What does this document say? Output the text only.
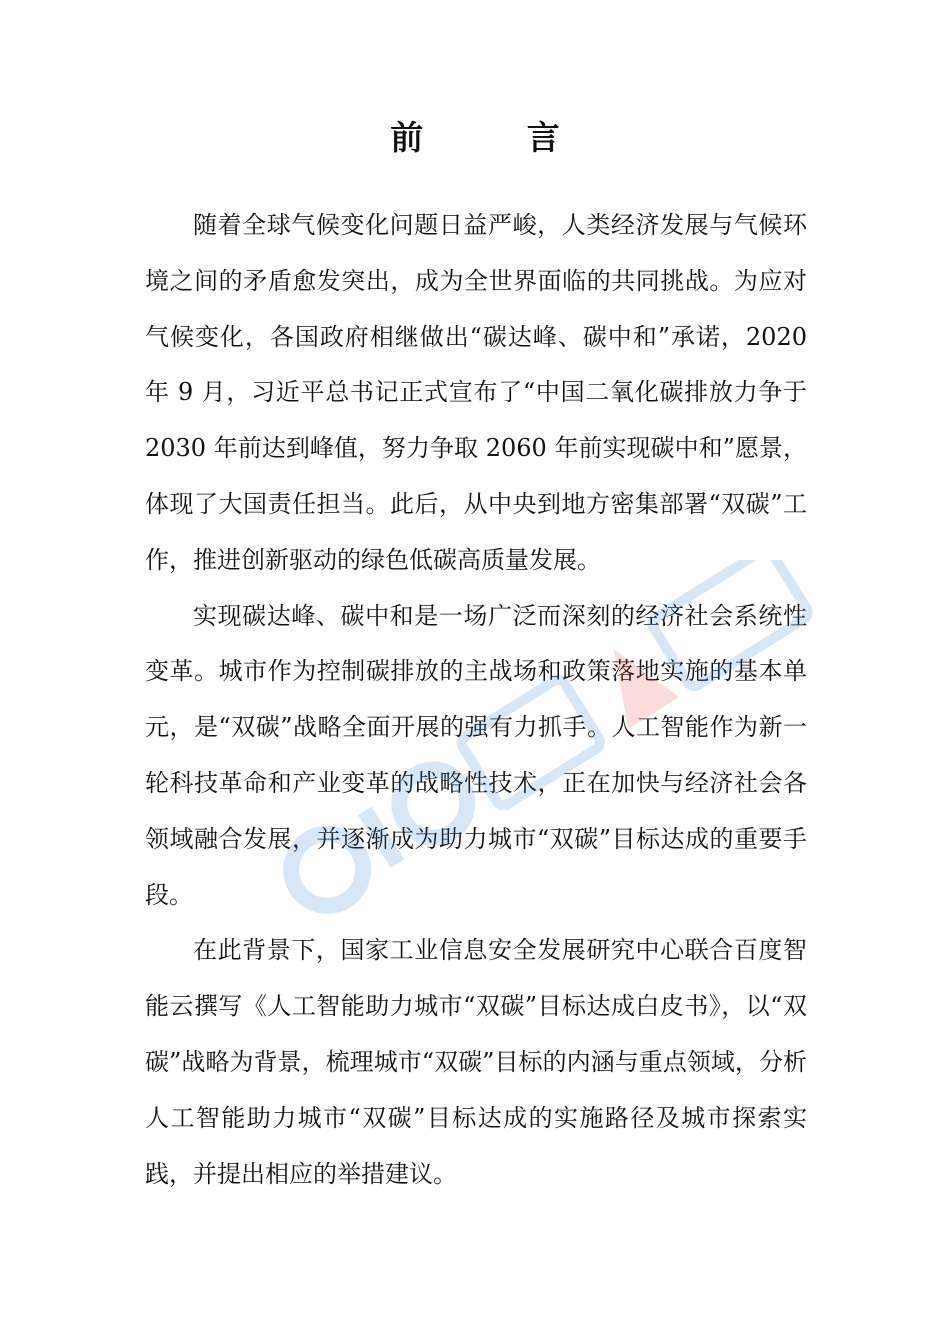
前 言

随着全球气候变化问题日益严峻，人类经济发展与气候环境之间的矛盾愈发突出，成为全世界面临的共同挑战。为应对气候变化，各国政府相继做出“碳达峰、碳中和”承诺，2020 年 9 月，习近平总书记正式宣布了“中国二氧化碳排放力争于 2030 年前达到峰值，努力争取 2060 年前实现碳中和”愿景，体现了大国责任担当。此后，从中央到地方密集部署“双碳”工作，推进创新驱动的绿色低碳高质量发展。

实现碳达峰、碳中和是一场广泛而深刻的经济社会系统性变革。城市作为控制碳排放的主战场和政策落地实施的基本单元，是“双碳”战略全面开展的强有力抓手。人工智能作为新一轮科技革命和产业变革的战略性技术，正在加快与经济社会各领域融合发展，并逐渐成为助力城市“双碳”目标达成的重要手段。

在此背景下，国家工业信息安全发展研究中心联合百度智能云撰写《人工智能助力城市“双碳”目标达成白皮书》，以“双碳”战略为背景，梳理城市“双碳”目标的内涵与重点领域，分析人工智能助力城市“双碳”目标达成的实施路径及城市探索实践，并提出相应的举措建议。
